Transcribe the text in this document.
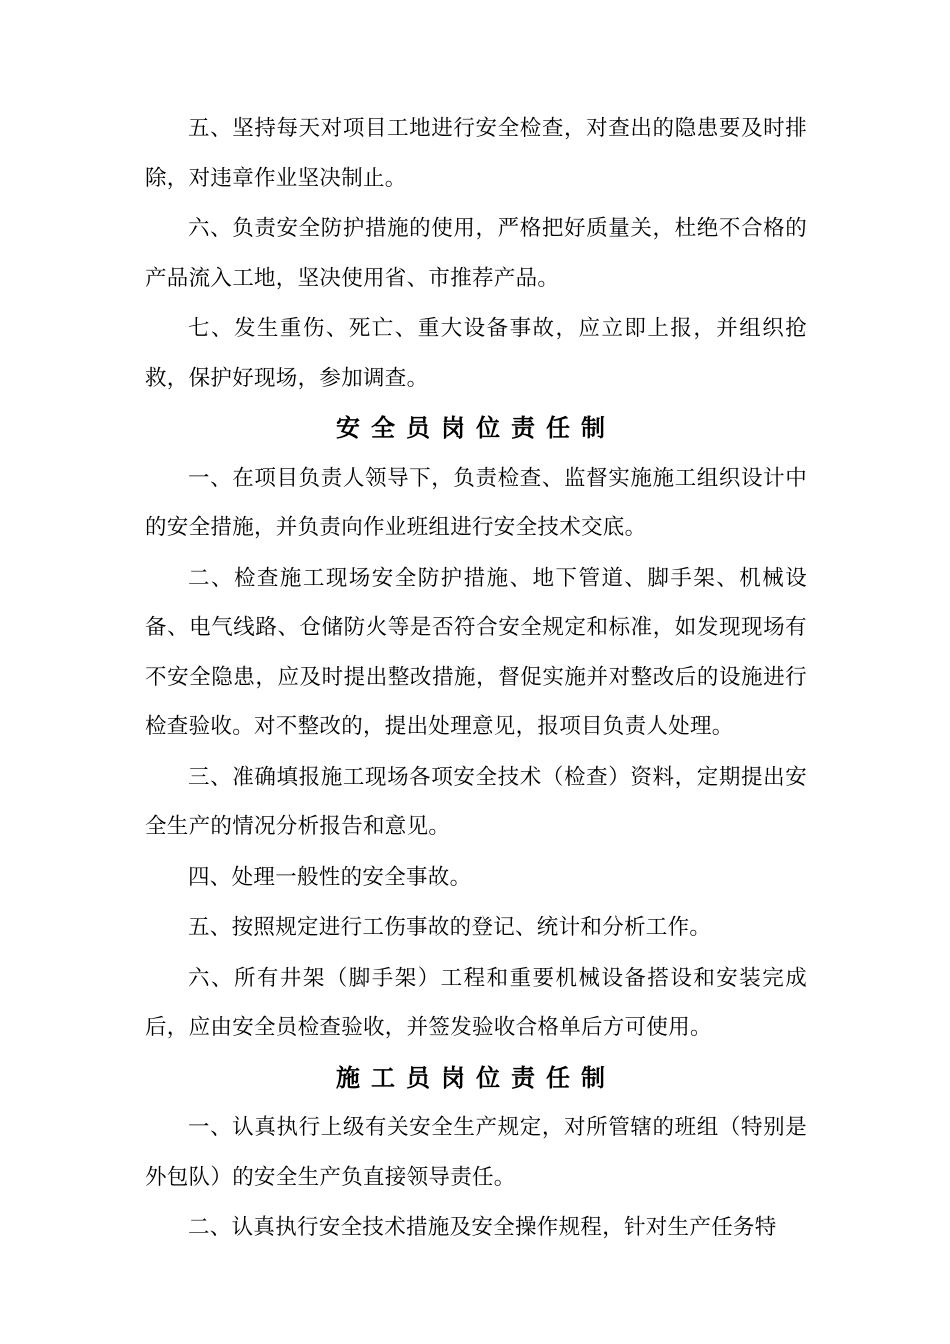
五、坚持每天对项目工地进行安全检查，对查出的隐患要及时排除，对违章作业坚决制止。

六、负责安全防护措施的使用，严格把好质量关，杜绝不合格的产品流入工地，坚决使用省、市推荐产品。

七、发生重伤、死亡、重大设备事故，应立即上报，并组织抢救，保护好现场，参加调查。

安全员岗位责任制

一、在项目负责人领导下，负责检查、监督实施施工组织设计中的安全措施，并负责向作业班组进行安全技术交底。

二、检查施工现场安全防护措施、地下管道、脚手架、机械设备、电气线路、仓储防火等是否符合安全规定和标准，如发现现场有不安全隐患，应及时提出整改措施，督促实施并对整改后的设施进行检查验收。对不整改的，提出处理意见，报项目负责人处理。

三、准确填报施工现场各项安全技术（检查）资料，定期提出安全生产的情况分析报告和意见。

四、处理一般性的安全事故。

五、按照规定进行工伤事故的登记、统计和分析工作。

六、所有井架（脚手架）工程和重要机械设备搭设和安装完成后，应由安全员检查验收，并签发验收合格单后方可使用。

施工员岗位责任制

一、认真执行上级有关安全生产规定，对所管辖的班组（特别是外包队）的安全生产负直接领导责任。

二、认真执行安全技术措施及安全操作规程，针对生产任务特
